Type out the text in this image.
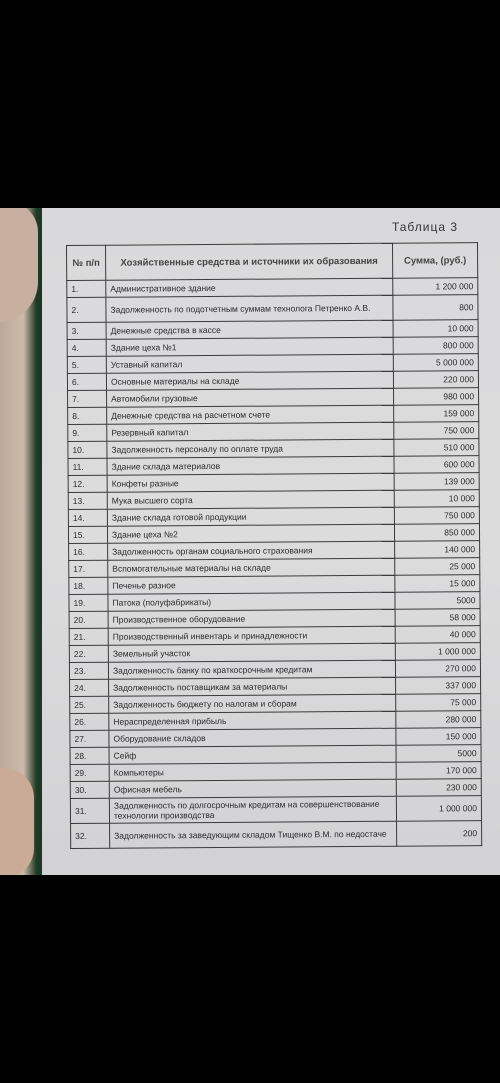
Таблица 3
№ п/п	Хозяйственные средства и источники их образования	Сумма, (руб.)
1.	Административное здание	1 200 000
2.	Задолженность по подотчетным суммам технолога Петренко А.В.	800
3.	Денежные средства в кассе	10 000
4.	Здание цеха №1	800 000
5.	Уставный капитал	5 000 000
6.	Основные материалы на складе	220 000
7.	Автомобили грузовые	980 000
8.	Денежные средства на расчетном счете	159 000
9.	Резервный капитал	750 000
10.	Задолженность персоналу по оплате труда	510 000
11.	Здание склада материалов	600 000
12.	Конфеты разные	139 000
13.	Мука высшего сорта	10 000
14.	Здание склада готовой продукции	750 000
15.	Здание цеха №2	850 000
16.	Задолженность органам социального страхования	140 000
17.	Вспомогательные материалы на складе	25 000
18.	Печенье разное	15 000
19.	Патока (полуфабрикаты)	5000
20.	Производственное оборудование	58 000
21.	Производственный инвентарь и принадлежности	40 000
22.	Земельный участок	1 000 000
23.	Задолженность банку по краткосрочным кредитам	270 000
24.	Задолженность поставщикам за материалы	337 000
25.	Задолженность бюджету по налогам и сборам	75 000
26.	Нераспределенная прибыль	280 000
27.	Оборудование складов	150 000
28.	Сейф	5000
29.	Компьютеры	170 000
30.	Офисная мебель	230 000
31.	Задолженность по долгосрочным кредитам на совершенствование технологии производства	1 000 000
32.	Задолженность за заведующим складом Тищенко В.М. по недостаче	200
